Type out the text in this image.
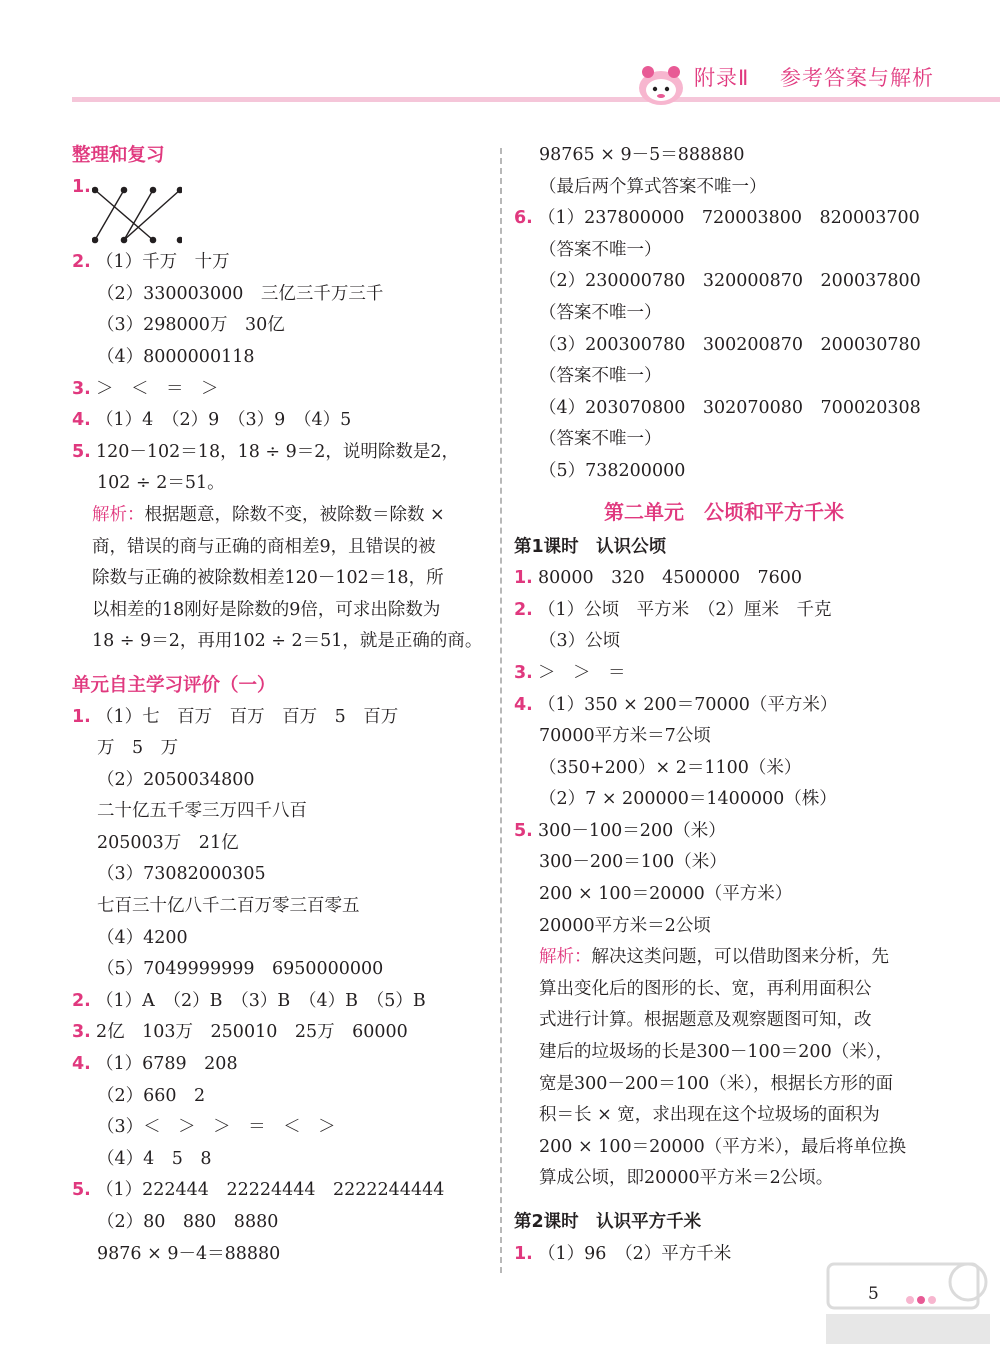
附录Ⅱ 参考答案与解析
整理和复习
1.
2. （1）千万　十万
（2）330003000　三亿三千万三千
（3）298000万　30亿
（4）8000000118
3. ＞　＜　＝　＞
4. （1）4　（2）9　（3）9　（4）5
5. 120－102＝18，18 ÷ 9＝2，说明除数是2，
102 ÷ 2＝51。
解析：根据题意，除数不变，被除数＝除数 ×
商，错误的商与正确的商相差9，且错误的被
除数与正确的被除数相差120－102＝18，所
以相差的18刚好是除数的9倍，可求出除数为
18 ÷ 9＝2，再用102 ÷ 2＝51，就是正确的商。
单元自主学习评价（一）
1. （1）七　百万　百万　百万　5　百万
万　5　万
（2）2050034800
二十亿五千零三万四千八百
205003万　21亿
（3）73082000305
七百三十亿八千二百万零三百零五
（4）4200
（5）7049999999　6950000000
2. （1）A　（2）B　（3）B　（4）B　（5）B
3. 2亿　103万　250010　25万　60000
4. （1）6789　208
（2）660　2
（3）＜　＞　＞　＝　＜　＞
（4）4　5　8
5. （1）222444　22224444　2222244444
（2）80　880　8880
9876 × 9－4＝88880
98765 × 9－5＝888880
（最后两个算式答案不唯一）
6. （1）237800000　720003800　820003700
（答案不唯一）
（2）230000780　320000870　200037800
（答案不唯一）
（3）200300780　300200870　200030780
（答案不唯一）
（4）203070800　302070080　700020308
（答案不唯一）
（5）738200000
第二单元　公顷和平方千米
第1课时　认识公顷
1. 80000　320　4500000　7600
2. （1）公顷　平方米　（2）厘米　千克
（3）公顷
3. ＞　＞　＝
4. （1）350 × 200＝70000（平方米）
70000平方米＝7公顷
（350+200）× 2＝1100（米）
（2）7 × 200000＝1400000（株）
5. 300－100＝200（米）
300－200＝100（米）
200 × 100＝20000（平方米）
20000平方米＝2公顷
解析：解决这类问题，可以借助图来分析，先
算出变化后的图形的长、宽，再利用面积公
式进行计算。根据题意及观察题图可知，改
建后的垃圾场的长是300－100＝200（米），
宽是300－200＝100（米），根据长方形的面
积＝长 × 宽，求出现在这个垃圾场的面积为
200 × 100＝20000（平方米），最后将单位换
算成公顷，即20000平方米＝2公顷。
第2课时　认识平方千米
1. （1）96　（2）平方千米
5
